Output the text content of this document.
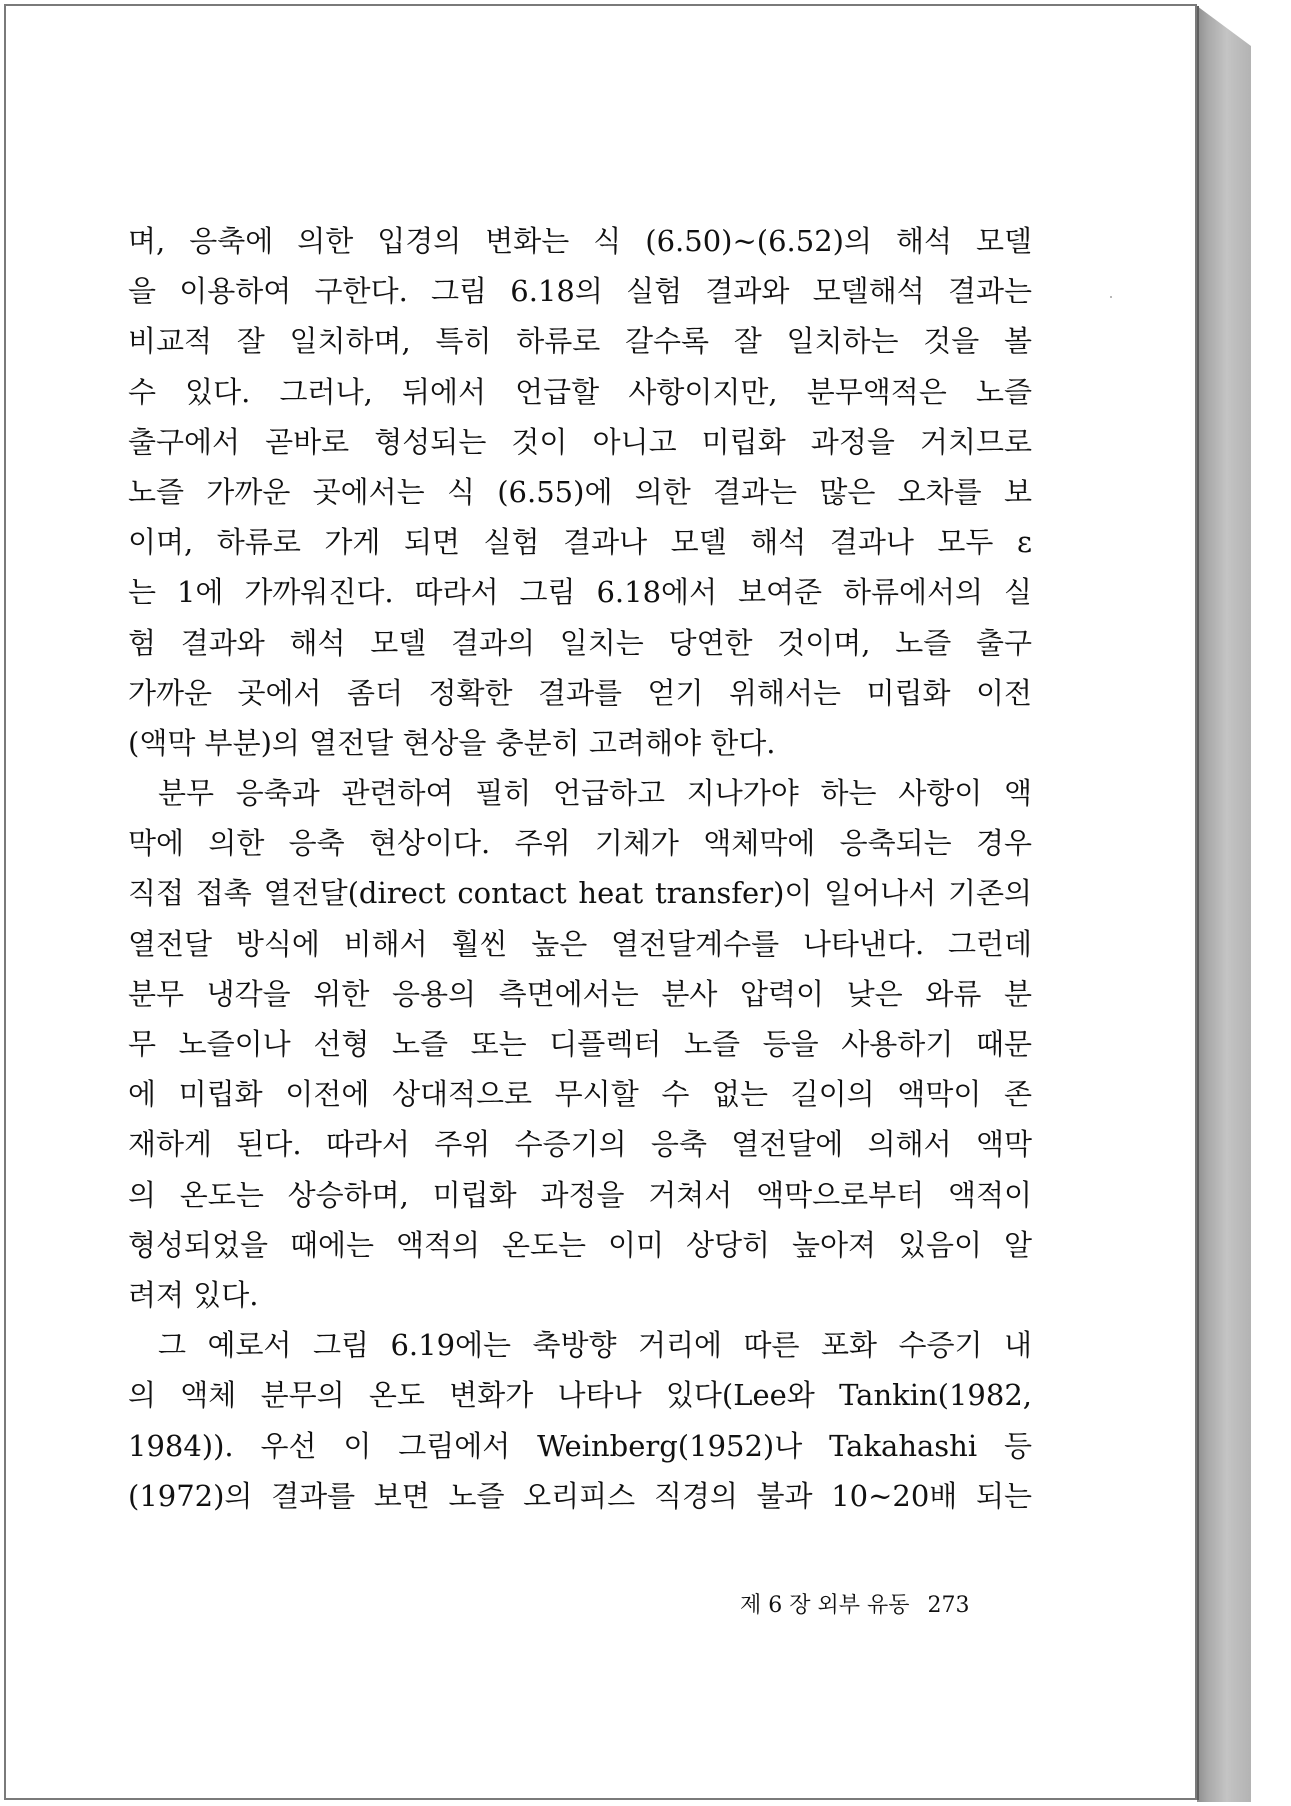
며, 응축에 의한 입경의 변화는 식 (6.50)~(6.52)의 해석 모델
을 이용하여 구한다. 그림 6.18의 실험 결과와 모델해석 결과는
비교적 잘 일치하며, 특히 하류로 갈수록 잘 일치하는 것을 볼
수 있다. 그러나, 뒤에서 언급할 사항이지만, 분무액적은 노즐
출구에서 곧바로 형성되는 것이 아니고 미립화 과정을 거치므로
노즐 가까운 곳에서는 식 (6.55)에 의한 결과는 많은 오차를 보
이며, 하류로 가게 되면 실험 결과나 모델 해석 결과나 모두 ε
는 1에 가까워진다. 따라서 그림 6.18에서 보여준 하류에서의 실
험 결과와 해석 모델 결과의 일치는 당연한 것이며, 노즐 출구
가까운 곳에서 좀더 정확한 결과를 얻기 위해서는 미립화 이전
(액막 부분)의 열전달 현상을 충분히 고려해야 한다.
분무 응축과 관련하여 필히 언급하고 지나가야 하는 사항이 액
막에 의한 응축 현상이다. 주위 기체가 액체막에 응축되는 경우
직접 접촉 열전달(direct contact heat transfer)이 일어나서 기존의
열전달 방식에 비해서 훨씬 높은 열전달계수를 나타낸다. 그런데
분무 냉각을 위한 응용의 측면에서는 분사 압력이 낮은 와류 분
무 노즐이나 선형 노즐 또는 디플렉터 노즐 등을 사용하기 때문
에 미립화 이전에 상대적으로 무시할 수 없는 길이의 액막이 존
재하게 된다. 따라서 주위 수증기의 응축 열전달에 의해서 액막
의 온도는 상승하며, 미립화 과정을 거쳐서 액막으로부터 액적이
형성되었을 때에는 액적의 온도는 이미 상당히 높아져 있음이 알
려져 있다.
그 예로서 그림 6.19에는 축방향 거리에 따른 포화 수증기 내
의 액체 분무의 온도 변화가 나타나 있다(Lee와 Tankin(1982,
1984)). 우선 이 그림에서 Weinberg(1952)나 Takahashi 등
(1972)의 결과를 보면 노즐 오리피스 직경의 불과 10~20배 되는
제 6 장 외부 유동 273
